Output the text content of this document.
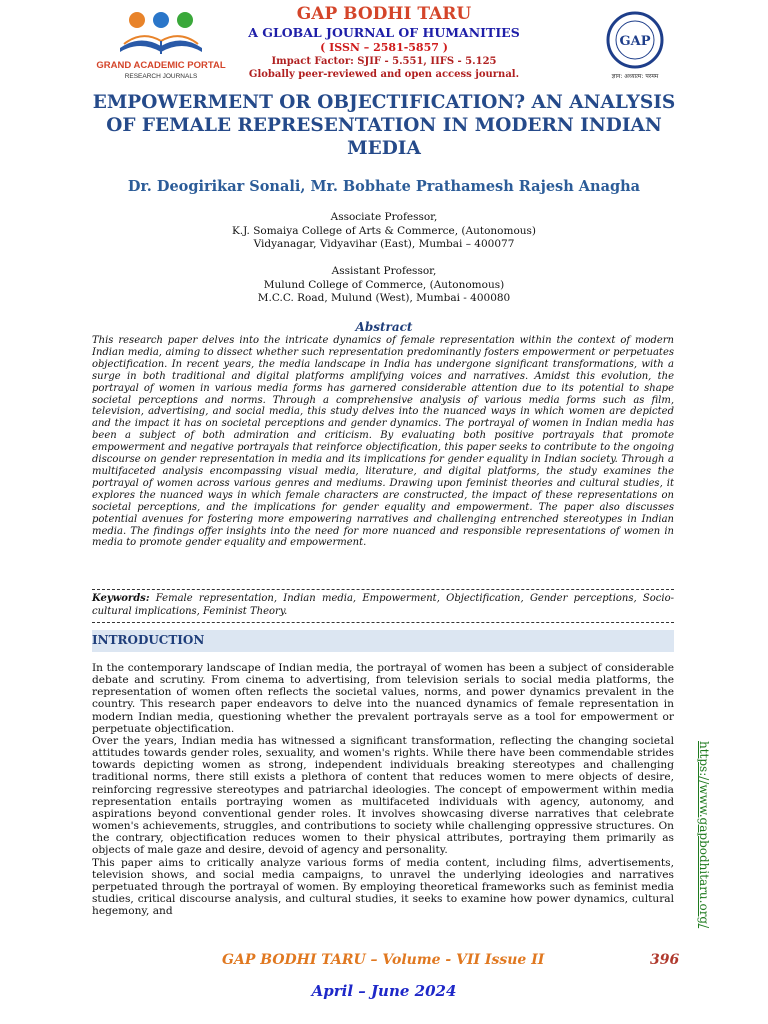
GRAND ACADEMIC PORTAL
RESEARCH JOURNALS
GAP
ज्ञान: अध्यात्म: परमम
GAP BODHI TARU
A GLOBAL JOURNAL OF HUMANITIES
( ISSN – 2581-5857 )
Impact Factor: SJIF - 5.551, IIFS - 5.125
Globally peer-reviewed and open access journal.
EMPOWERMENT OR OBJECTIFICATION? AN ANALYSIS OF FEMALE REPRESENTATION IN MODERN INDIAN MEDIA
Dr. Deogirikar Sonali, Mr. Bobhate Prathamesh Rajesh Anagha
Associate Professor,
K.J. Somaiya College of Arts & Commerce, (Autonomous)
Vidyanagar, Vidyavihar (East), Mumbai – 400077
Assistant Professor,
Mulund College of Commerce, (Autonomous)
M.C.C. Road, Mulund (West), Mumbai - 400080
Abstract
This research paper delves into the intricate dynamics of female representation within the context of modern Indian media, aiming to dissect whether such representation predominantly fosters empowerment or perpetuates objectification. In recent years, the media landscape in India has undergone significant transformations, with a surge in both traditional and digital platforms amplifying voices and narratives. Amidst this evolution, the portrayal of women in various media forms has garnered considerable attention due to its potential to shape societal perceptions and norms. Through a comprehensive analysis of various media forms such as film, television, advertising, and social media, this study delves into the nuanced ways in which women are depicted and the impact it has on societal perceptions and gender dynamics. The portrayal of women in Indian media has been a subject of both admiration and criticism. By evaluating both positive portrayals that promote empowerment and negative portrayals that reinforce objectification, this paper seeks to contribute to the ongoing discourse on gender representation in media and its implications for gender equality in Indian society. Through a multifaceted analysis encompassing visual media, literature, and digital platforms, the study examines the portrayal of women across various genres and mediums. Drawing upon feminist theories and cultural studies, it explores the nuanced ways in which female characters are constructed, the impact of these representations on societal perceptions, and the implications for gender equality and empowerment. The paper also discusses potential avenues for fostering more empowering narratives and challenging entrenched stereotypes in Indian media. The findings offer insights into the need for more nuanced and responsible representations of women in media to promote gender equality and empowerment.
Keywords: Female representation, Indian media, Empowerment, Objectification, Gender perceptions, Socio-cultural implications, Feminist Theory.
INTRODUCTION

In the contemporary landscape of Indian media, the portrayal of women has been a subject of considerable debate and scrutiny. From cinema to advertising, from television serials to social media platforms, the representation of women often reflects the societal values, norms, and power dynamics prevalent in the country. This research paper endeavors to delve into the nuanced dynamics of female representation in modern Indian media, questioning whether the prevalent portrayals serve as a tool for empowerment or perpetuate objectification.

Over the years, Indian media has witnessed a significant transformation, reflecting the changing societal attitudes towards gender roles, sexuality, and women's rights. While there have been commendable strides towards depicting women as strong, independent individuals breaking stereotypes and challenging traditional norms, there still exists a plethora of content that reduces women to mere objects of desire, reinforcing regressive stereotypes and patriarchal ideologies. The concept of empowerment within media representation entails portraying women as multifaceted individuals with agency, autonomy, and aspirations beyond conventional gender roles. It involves showcasing diverse narratives that celebrate women's achievements, struggles, and contributions to society while challenging oppressive structures. On the contrary, objectification reduces women to their physical attributes, portraying them primarily as objects of male gaze and desire, devoid of agency and personality.

This paper aims to critically analyze various forms of media content, including films, advertisements, television shows, and social media campaigns, to unravel the underlying ideologies and narratives perpetuated through the portrayal of women. By employing theoretical frameworks such as feminist media studies, critical discourse analysis, and cultural studies, it seeks to examine how power dynamics, cultural hegemony, and	https://www.gapbodhitaru.org/
GAP BODHI TARU – Volume - VII Issue II	396
April – June 2024
